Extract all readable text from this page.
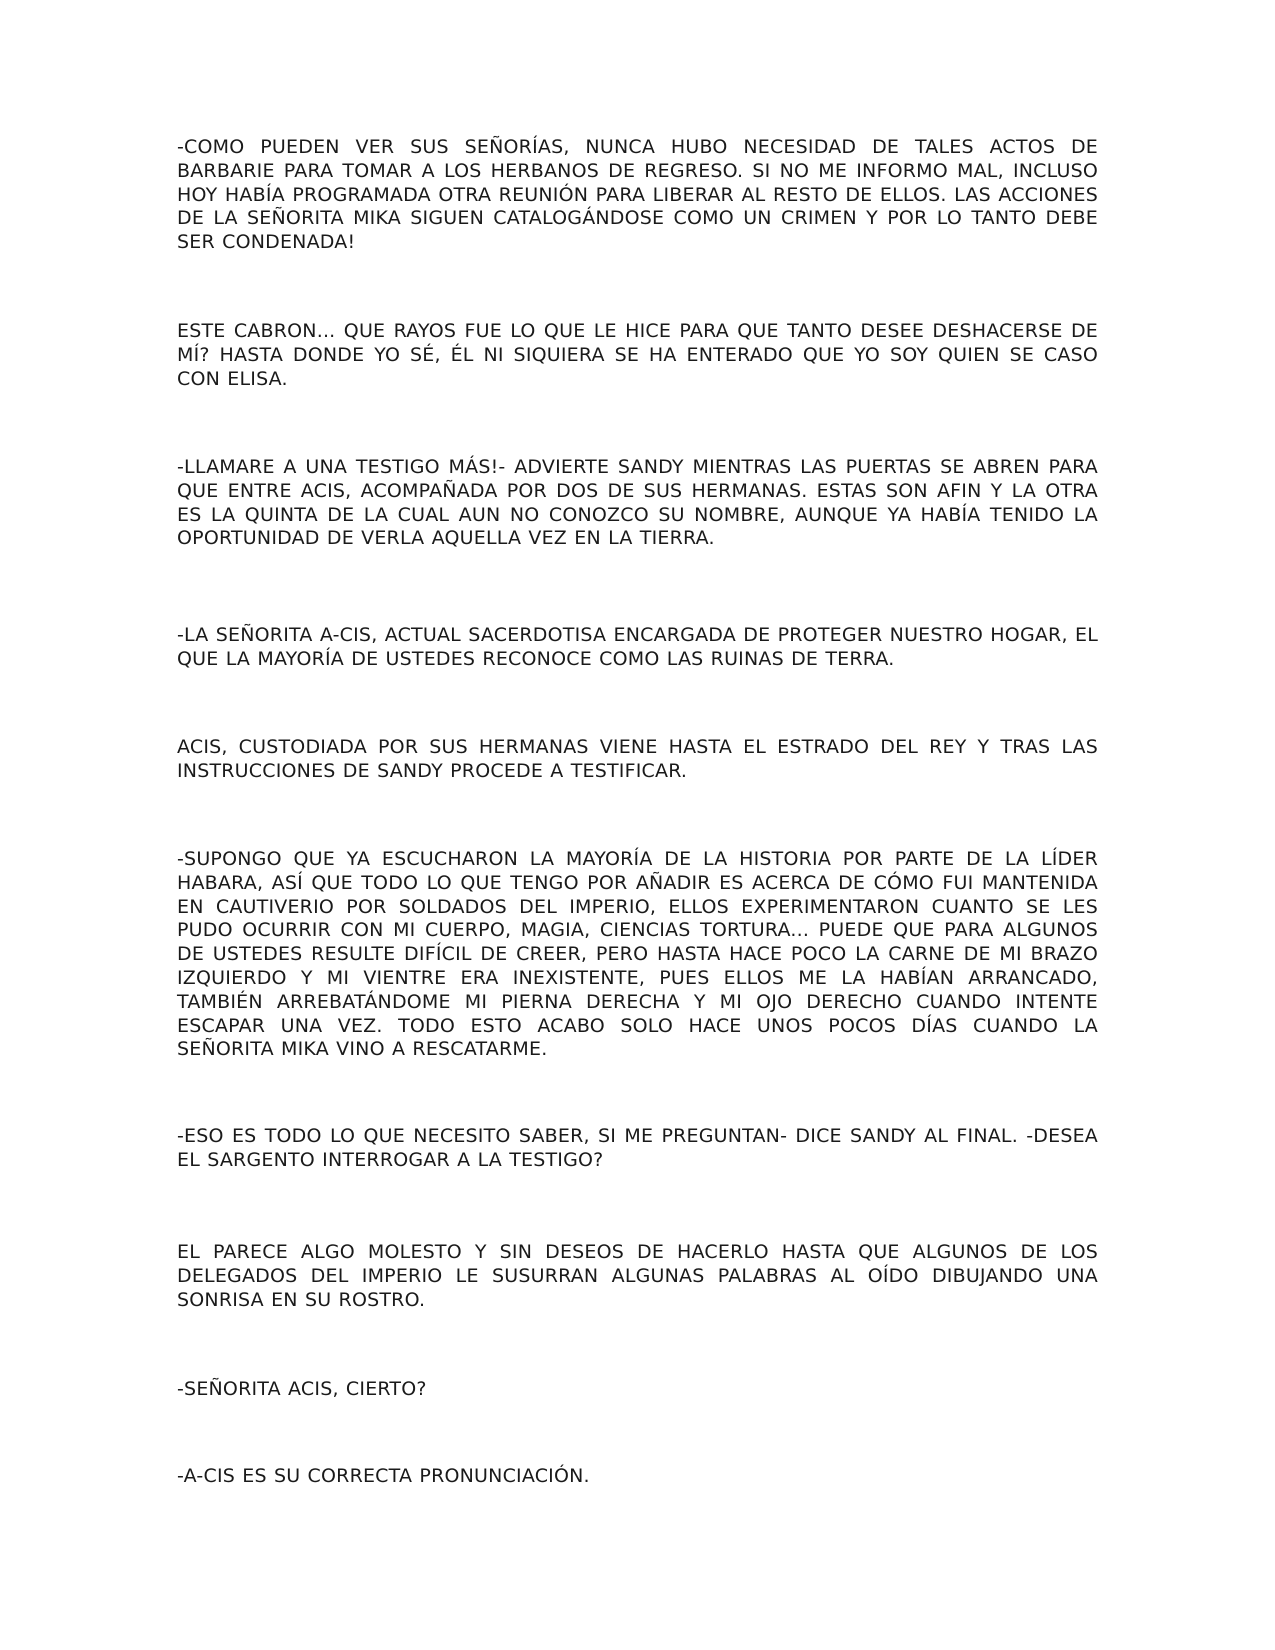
-COMO PUEDEN VER SUS SEÑORÍAS, NUNCA HUBO NECESIDAD DE TALES ACTOS DE BARBARIE PARA TOMAR A LOS HERBANOS DE REGRESO. SI NO ME INFORMO MAL, INCLUSO HOY HABÍA PROGRAMADA OTRA REUNIÓN PARA LIBERAR AL RESTO DE ELLOS. LAS ACCIONES DE LA SEÑORITA MIKA SIGUEN CATALOGÁNDOSE COMO UN CRIMEN Y POR LO TANTO DEBE SER CONDENADA!

ESTE CABRON... QUE RAYOS FUE LO QUE LE HICE PARA QUE TANTO DESEE DESHACERSE DE MÍ? HASTA DONDE YO SÉ, ÉL NI SIQUIERA SE HA ENTERADO QUE YO SOY QUIEN SE CASO CON ELISA.

-LLAMARE A UNA TESTIGO MÁS!- ADVIERTE SANDY MIENTRAS LAS PUERTAS SE ABREN PARA QUE ENTRE ACIS, ACOMPAÑADA POR DOS DE SUS HERMANAS. ESTAS SON AFIN Y LA OTRA ES LA QUINTA DE LA CUAL AUN NO CONOZCO SU NOMBRE, AUNQUE YA HABÍA TENIDO LA OPORTUNIDAD DE VERLA AQUELLA VEZ EN LA TIERRA.

-LA SEÑORITA A-CIS, ACTUAL SACERDOTISA ENCARGADA DE PROTEGER NUESTRO HOGAR, EL QUE LA MAYORÍA DE USTEDES RECONOCE COMO LAS RUINAS DE TERRA.

ACIS, CUSTODIADA POR SUS HERMANAS VIENE HASTA EL ESTRADO DEL REY Y TRAS LAS INSTRUCCIONES DE SANDY PROCEDE A TESTIFICAR.

-SUPONGO QUE YA ESCUCHARON LA MAYORÍA DE LA HISTORIA POR PARTE DE LA LÍDER HABARA, ASÍ QUE TODO LO QUE TENGO POR AÑADIR ES ACERCA DE CÓMO FUI MANTENIDA EN CAUTIVERIO POR SOLDADOS DEL IMPERIO, ELLOS EXPERIMENTARON CUANTO SE LES PUDO OCURRIR CON MI CUERPO, MAGIA, CIENCIAS TORTURA... PUEDE QUE PARA ALGUNOS DE USTEDES RESULTE DIFÍCIL DE CREER, PERO HASTA HACE POCO LA CARNE DE MI BRAZO IZQUIERDO Y MI VIENTRE ERA INEXISTENTE, PUES ELLOS ME LA HABÍAN ARRANCADO, TAMBIÉN ARREBATÁNDOME MI PIERNA DERECHA Y MI OJO DERECHO CUANDO INTENTE ESCAPAR UNA VEZ. TODO ESTO ACABO SOLO HACE UNOS POCOS DÍAS CUANDO LA SEÑORITA MIKA VINO A RESCATARME.

-ESO ES TODO LO QUE NECESITO SABER, SI ME PREGUNTAN- DICE SANDY AL FINAL. -DESEA EL SARGENTO INTERROGAR A LA TESTIGO?

EL PARECE ALGO MOLESTO Y SIN DESEOS DE HACERLO HASTA QUE ALGUNOS DE LOS DELEGADOS DEL IMPERIO LE SUSURRAN ALGUNAS PALABRAS AL OÍDO DIBUJANDO UNA SONRISA EN SU ROSTRO.

-SEÑORITA ACIS, CIERTO?

-A-CIS ES SU CORRECTA PRONUNCIACIÓN.
